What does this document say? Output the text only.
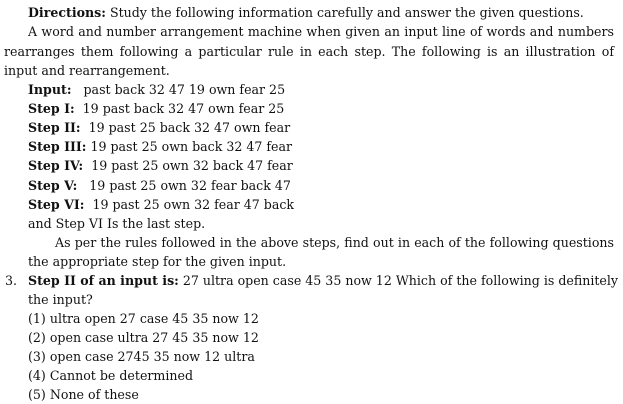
Directions: Study the following information carefully and answer the given questions.
A word and number arrangement machine when given an input line of words and numbers
rearranges them following a particular rule in each step. The following is an illustration of
input and rearrangement.
Input: past back 32 47 19 own fear 25
Step I: 19 past back 32 47 own fear 25
Step II: 19 past 25 back 32 47 own fear
Step III: 19 past 25 own back 32 47 fear
Step IV: 19 past 25 own 32 back 47 fear
Step V: 19 past 25 own 32 fear back 47
Step VI: 19 past 25 own 32 fear 47 back
and Step VI Is the last step.
As per the rules followed in the above steps, find out in each of the following questions
the appropriate step for the given input.
3. Step II of an input is: 27 ultra open case 45 35 now 12 Which of the following is definitely
the input?
(1) ultra open 27 case 45 35 now 12
(2) open case ultra 27 45 35 now 12
(3) open case 2745 35 now 12 ultra
(4) Cannot be determined
(5) None of these
